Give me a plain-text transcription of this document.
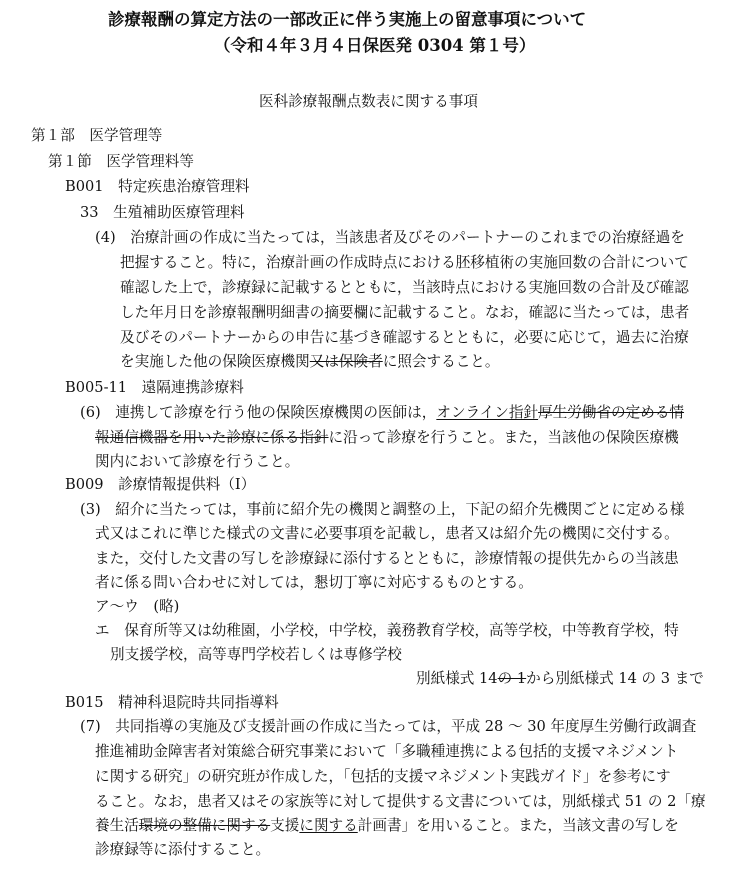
診療報酬の算定方法の一部改正に伴う実施上の留意事項について
（令和４年３月４日保医発 0304 第１号）
医科診療報酬点数表に関する事項
第１部　医学管理等
第１節　医学管理料等
B001　特定疾患治療管理料
33　生殖補助医療管理料
(4)　治療計画の作成に当たっては，当該患者及びそのパートナーのこれまでの治療経過を
把握すること。特に，治療計画の作成時点における胚移植術の実施回数の合計について
確認した上で，診療録に記載するとともに，当該時点における実施回数の合計及び確認
した年月日を診療報酬明細書の摘要欄に記載すること。なお，確認に当たっては，患者
及びそのパートナーからの申告に基づき確認するとともに，必要に応じて，過去に治療
を実施した他の保険医療機関又は保険者に照会すること。
B005-11　遠隔連携診療料
(6)　連携して診療を行う他の保険医療機関の医師は，オンライン指針厚生労働省の定める情
報通信機器を用いた診療に係る指針に沿って診療を行うこと。また，当該他の保険医療機
関内において診療を行うこと。
B009　診療情報提供料（Ⅰ）
(3)　紹介に当たっては，事前に紹介先の機関と調整の上，下記の紹介先機関ごとに定める様
式又はこれに準じた様式の文書に必要事項を記載し，患者又は紹介先の機関に交付する。
また，交付した文書の写しを診療録に添付するとともに，診療情報の提供先からの当該患
者に係る問い合わせに対しては，懇切丁寧に対応するものとする。
ア～ウ　(略)
エ　保育所等又は幼稚園，小学校，中学校，義務教育学校，高等学校，中等教育学校，特
別支援学校，高等専門学校若しくは専修学校
別紙様式 14の 1から別紙様式 14 の 3 まで
B015　精神科退院時共同指導料
(7)　共同指導の実施及び支援計画の作成に当たっては，平成 28 ～ 30 年度厚生労働行政調査
推進補助金障害者対策総合研究事業において「多職種連携による包括的支援マネジメント
に関する研究」の研究班が作成した，「包括的支援マネジメント実践ガイド」を参考にす
ること。なお，患者又はその家族等に対して提供する文書については，別紙様式 51 の 2「療
養生活環境の整備に関する支援に関する計画書」を用いること。また，当該文書の写しを
診療録等に添付すること。
